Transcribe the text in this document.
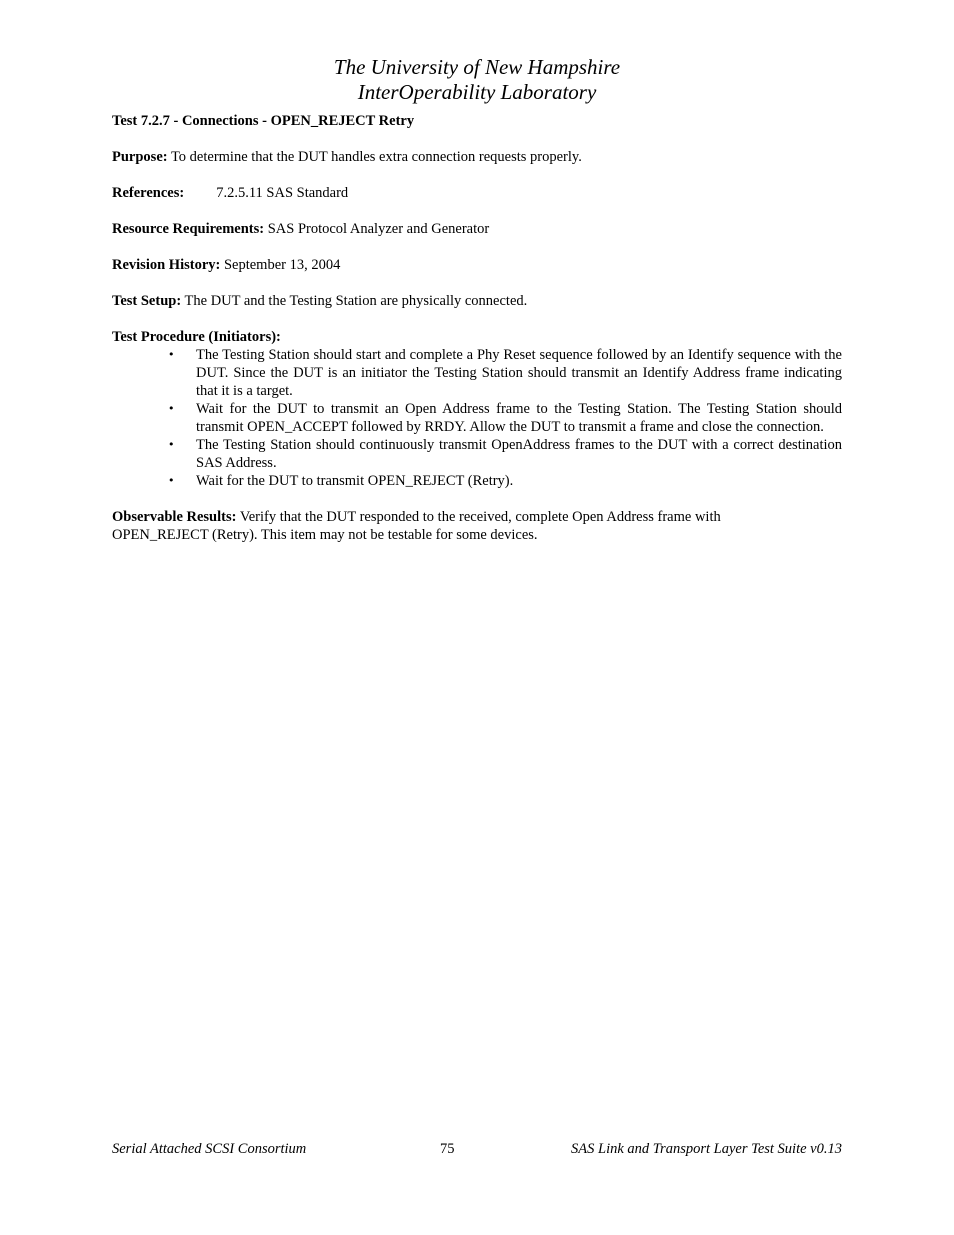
The University of New Hampshire
InterOperability Laboratory
Test 7.2.7 - Connections - OPEN_REJECT Retry
Purpose: To determine that the DUT handles extra connection requests properly.
References: 7.2.5.11 SAS Standard
Resource Requirements: SAS Protocol Analyzer and Generator
Revision History: September 13, 2004
Test Setup: The DUT and the Testing Station are physically connected.
Test Procedure (Initiators):
• The Testing Station should start and complete a Phy Reset sequence followed by an Identify sequence with the DUT. Since the DUT is an initiator the Testing Station should transmit an Identify Address frame indicating that it is a target.
• Wait for the DUT to transmit an Open Address frame to the Testing Station. The Testing Station should transmit OPEN_ACCEPT followed by RRDY. Allow the DUT to transmit a frame and close the connection.
• The Testing Station should continuously transmit OpenAddress frames to the DUT with a correct destination SAS Address.
• Wait for the DUT to transmit OPEN_REJECT (Retry).
Observable Results: Verify that the DUT responded to the received, complete Open Address frame with
OPEN_REJECT (Retry). This item may not be testable for some devices.
Serial Attached SCSI Consortium	75	SAS Link and Transport Layer Test Suite v0.13
